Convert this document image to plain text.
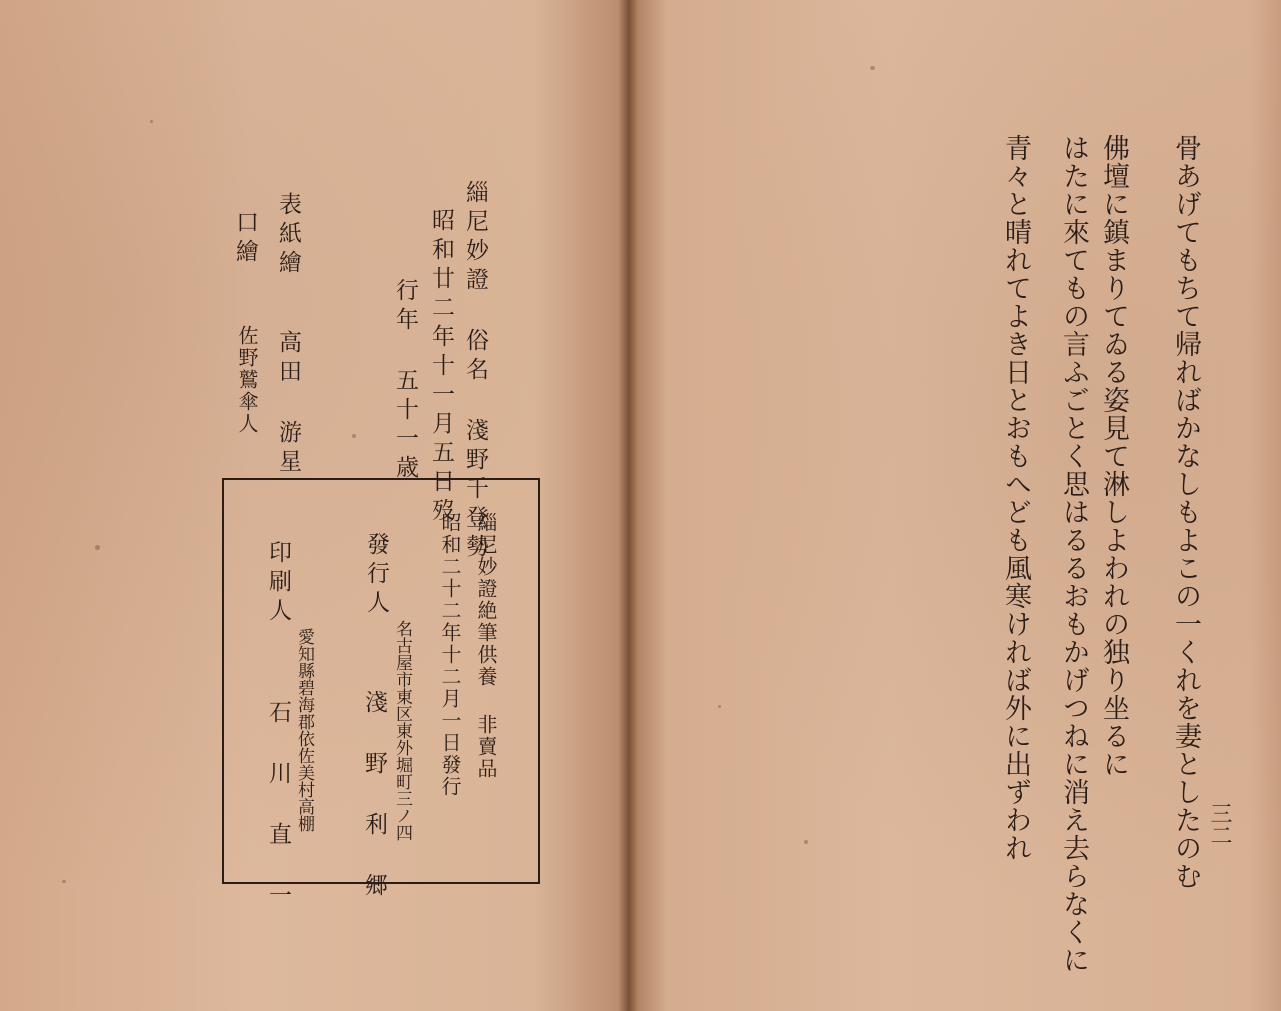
緇尼妙證 俗名 淺野千登勢

昭和廿二年十一月五日歿

行年 五十一歳

表紙繪

高田 游星

口繪

佐野鷲傘人

緇尼妙證絶筆供養 非賣品

昭和二十二年十二月一日發行

發行人

名古屋市東区東外堀町三ノ四

淺 野 利 郷

印刷人

愛知縣碧海郡依佐美村高棚

石 川 直 一	骨あげてもちて帰ればかなしもよこの一くれを妻としたのむ

佛壇に鎮まりてゐる姿見て淋しよわれの独り坐るに

はたに來てもの言ふごとく思はるるおもかげつねに消え去らなくに

青々と晴れてよき日とおもへども風寒ければ外に出ずわれ	三二
